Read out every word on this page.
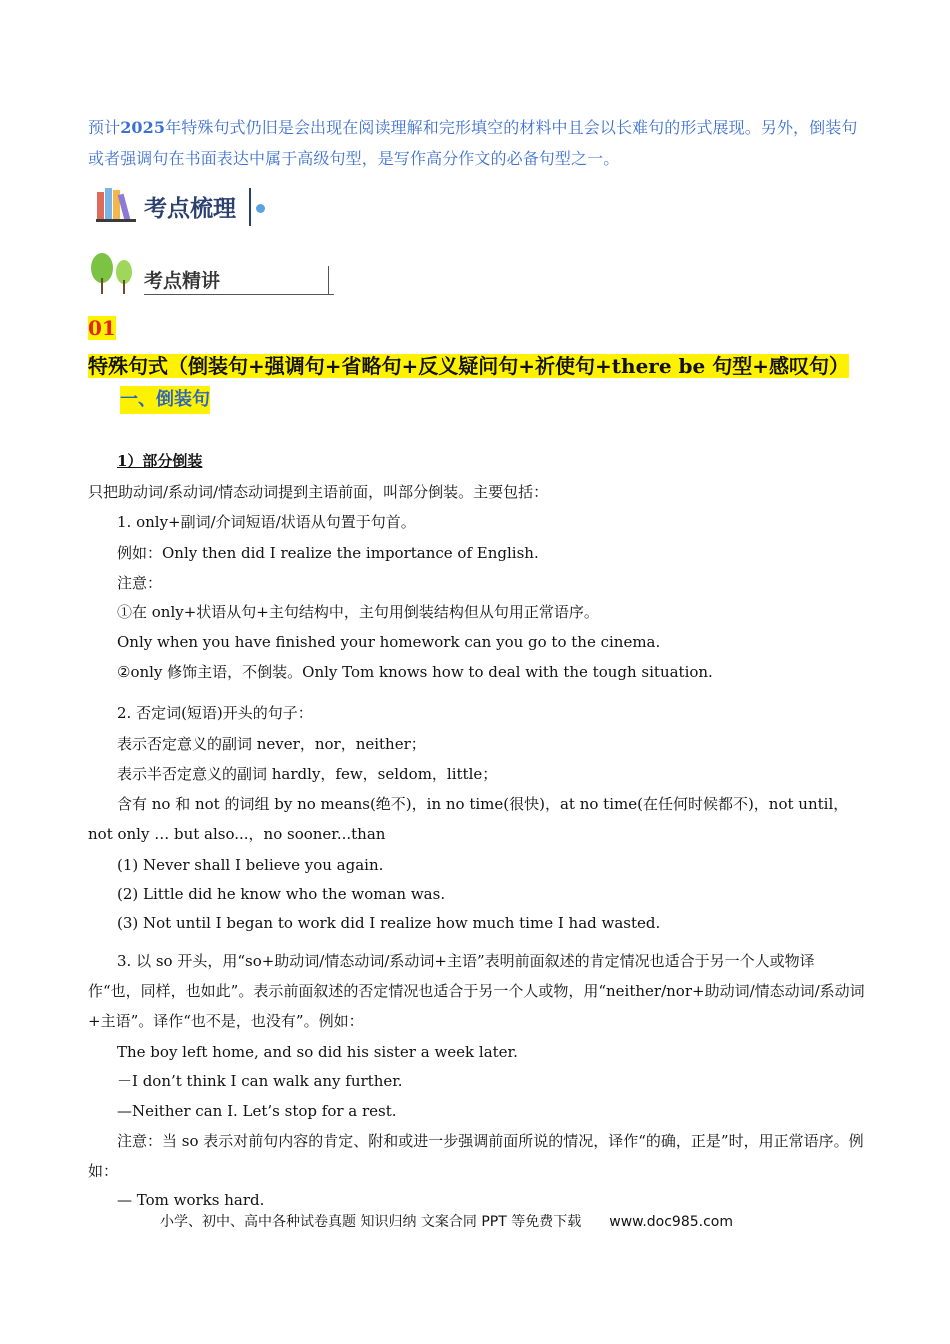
预计2025年特殊句式仍旧是会出现在阅读理解和完形填空的材料中且会以长难句的形式展现。另外，倒装句或者强调句在书面表达中属于高级句型，是写作高分作文的必备句型之一。
考点梳理
考点精讲
01 特殊句式（倒装句+强调句+省略句+反义疑问句+祈使句+there be 句型+感叹句）
一、倒装句
1）部分倒装

只把助动词/系动词/情态动词提到主语前面，叫部分倒装。主要包括：

1. only+副词/介词短语/状语从句置于句首。

例如：Only then did I realize the importance of English.

注意：

①在 only+状语从句+主句结构中，主句用倒装结构但从句用正常语序。

Only when you have finished your homework can you go to the cinema.

②only 修饰主语，不倒装。Only Tom knows how to deal with the tough situation.

2. 否定词(短语)开头的句子：

表示否定意义的副词 never，nor，neither；

表示半否定意义的副词 hardly，few，seldom，little；

含有 no 和 not 的词组 by no means(绝不)，in no time(很快)，at no time(在任何时候都不)，not until，not only … but also...，no sooner...than

(1) Never shall I believe you again.

(2) Little did he know who the woman was.

(3) Not until I began to work did I realize how much time I had wasted.

3. 以 so 开头，用“so+助动词/情态动词/系动词+主语”表明前面叙述的肯定情况也适合于另一个人或物译作“也，同样，也如此”。表示前面叙述的否定情况也适合于另一个人或物，用“neither/nor+助动词/情态动词/系动词+主语”。译作“也不是，也没有”。例如：

The boy left home, and so did his sister a week later.

－I don’t think I can walk any further.

—Neither can I. Let’s stop for a rest.

注意：当 so 表示对前句内容的肯定、附和或进一步强调前面所说的情况，译作“的确，正是”时，用正常语序。例如：

— Tom works hard.

小学、初中、高中各种试卷真题 知识归纳 文案合同 PPT 等免费下载 www.doc985.com
